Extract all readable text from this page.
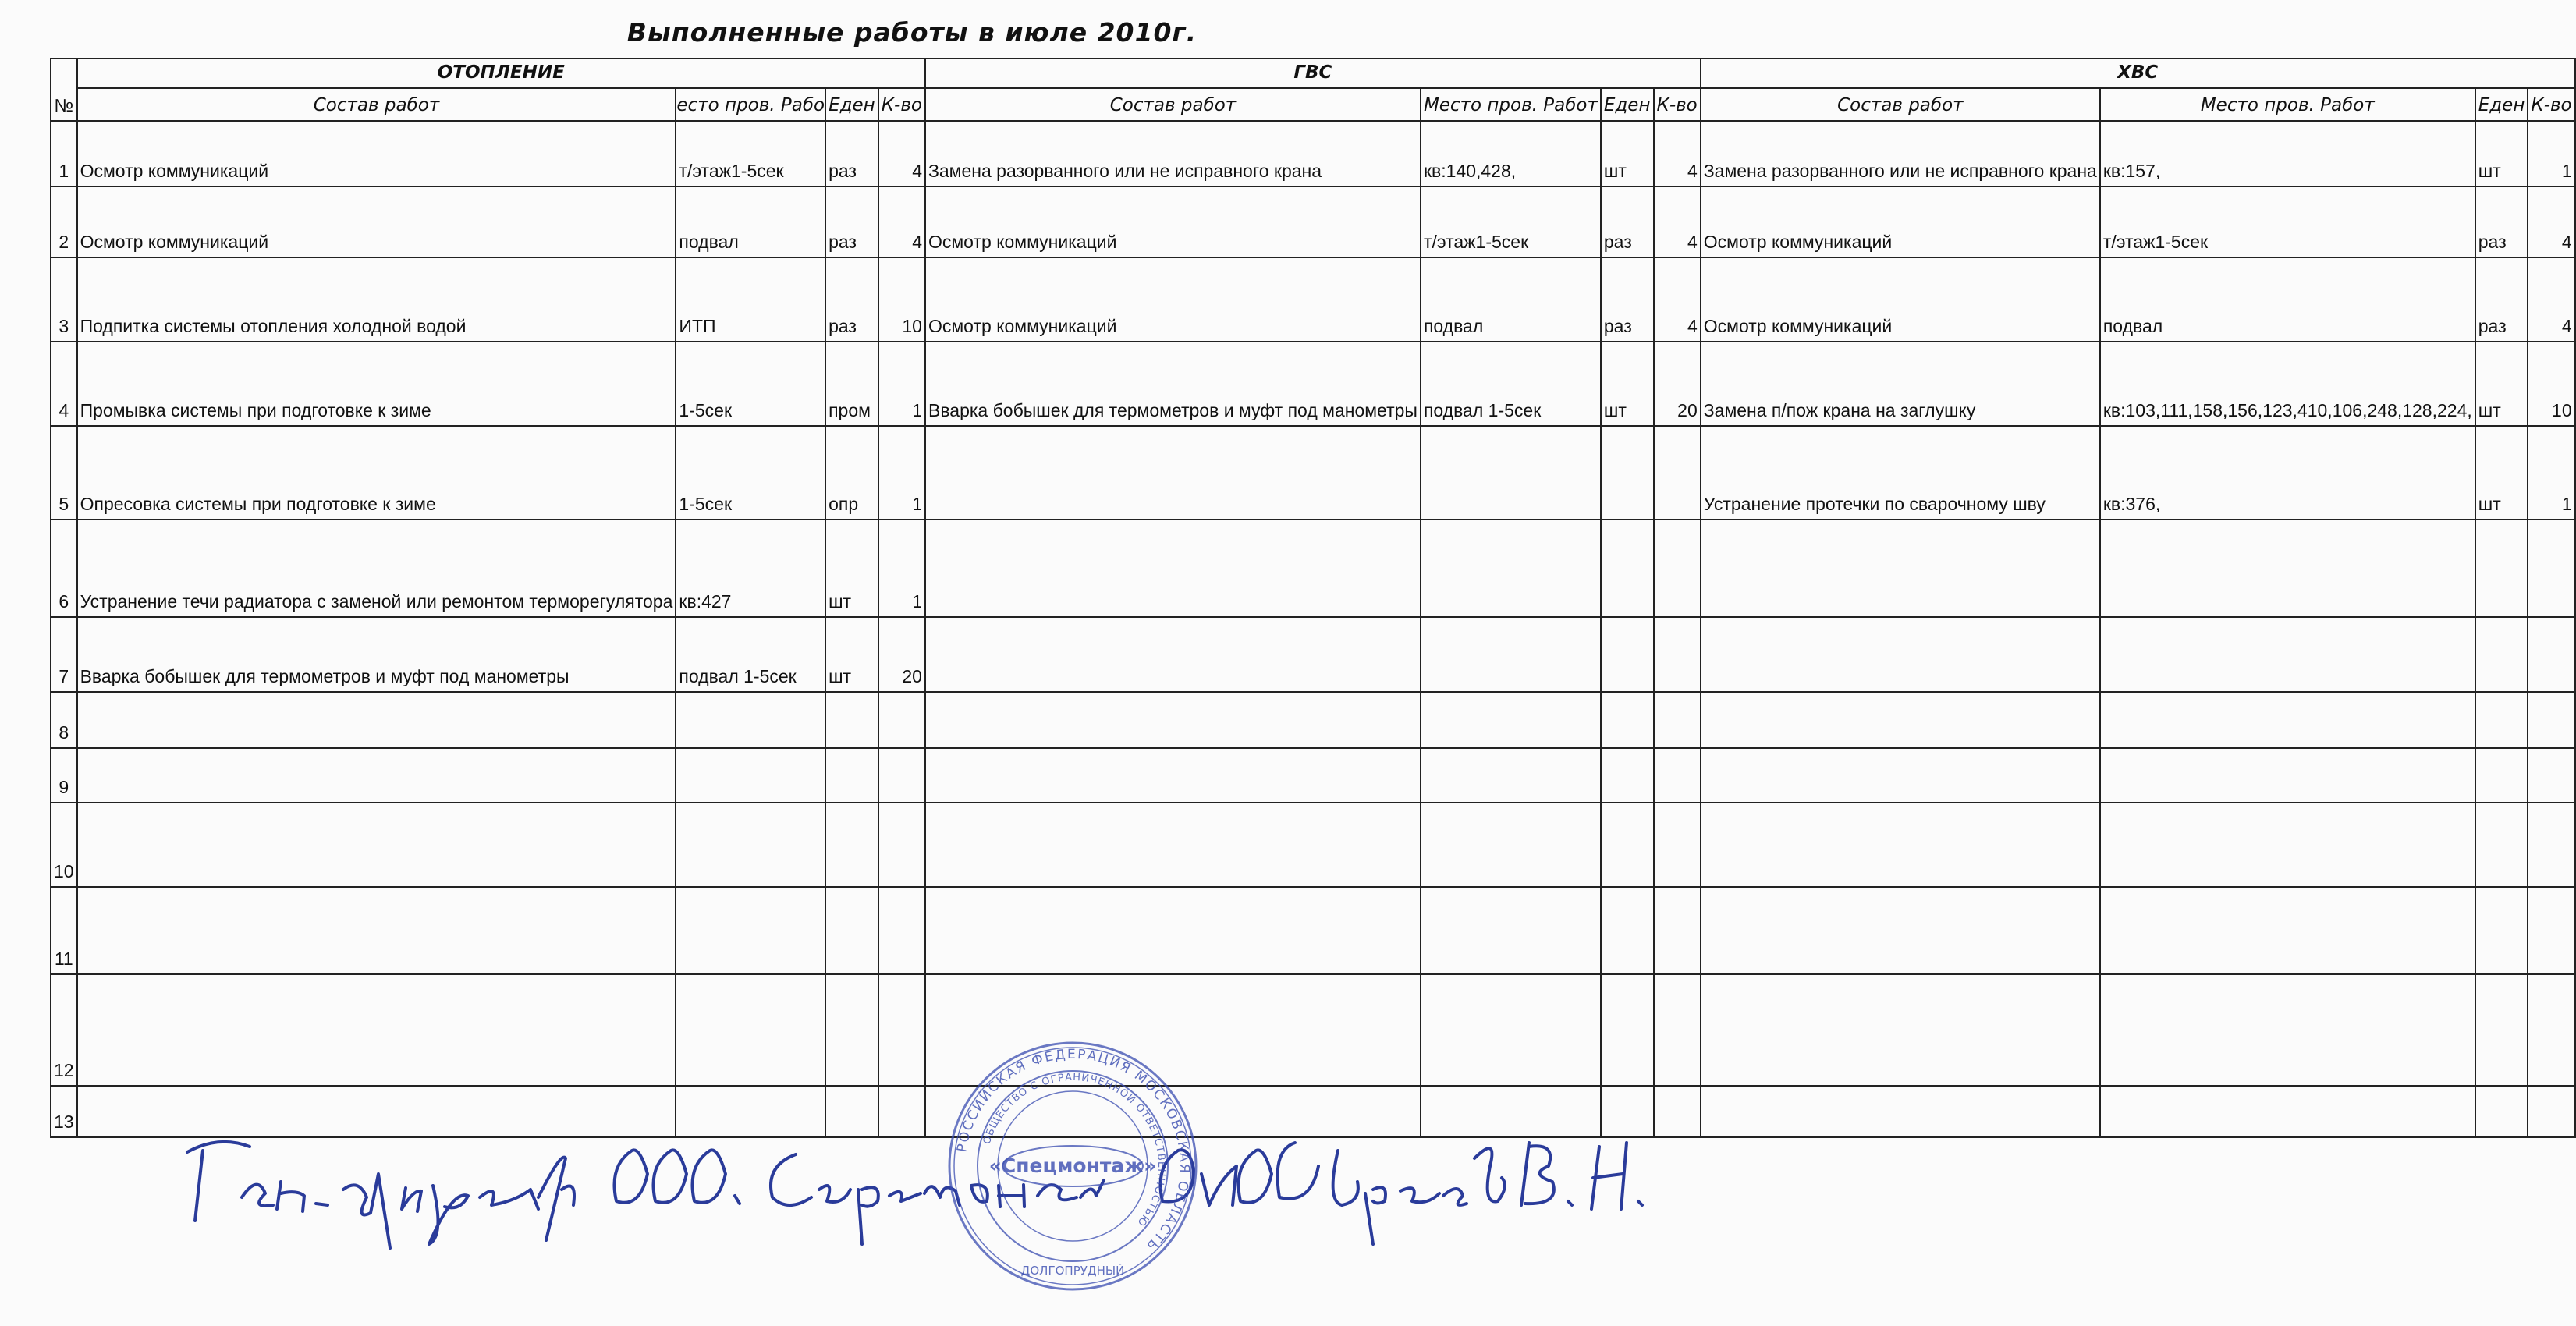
Выполненные работы в июле 2010г.
№	ОТОПЛЕНИЕ				ГВС				ХВС			
	Состав работ	есто пров. Рабо	Еден	К-во	Состав работ	Место пров. Работ	Еден	К-во	Состав работ	Место пров. Работ	Еден	К-во
1	Осмотр коммуникаций	т/этаж1-5сек	раз	4	Замена разорванного или не исправного крана	кв:140,428,	шт	4	Замена разорванного или не исправного крана	кв:157,	шт	1
2	Осмотр коммуникаций	подвал	раз	4	Осмотр коммуникаций	т/этаж1-5сек	раз	4	Осмотр коммуникаций	т/этаж1-5сек	раз	4
3	Подпитка системы отопления холодной водой	ИТП	раз	10	Осмотр коммуникаций	подвал	раз	4	Осмотр коммуникаций	подвал	раз	4
4	Промывка системы при подготовке к зиме	1-5сек	пром	1	Вварка бобышек для термометров и муфт под манометры	подвал 1-5сек	шт	20	Замена п/пож крана на заглушку	кв:103,111,158,156,123,410,106,248,128,224,	шт	10
5	Опресовка системы при подготовке к зиме	1-5сек	опр	1					Устранение протечки по сварочному шву	кв:376,	шт	1
6	Устранение течи радиатора с заменой или ремонтом терморегулятора	кв:427	шт	1								
7	Вварка бобышек для термометров и муфт под манометры	подвал 1-5сек	шт	20								
8												
9												
10												
11												
12												
13												
РОССИЙСКАЯ ФЕДЕРАЦИЯ МОСКОВСКАЯ ОБЛАСТЬ
ОБЩЕСТВО С ОГРАНИЧЕННОЙ ОТВЕТСТВЕННОСТЬЮ
«Спецмонтаж»
ДОЛГОПРУДНЫЙ
